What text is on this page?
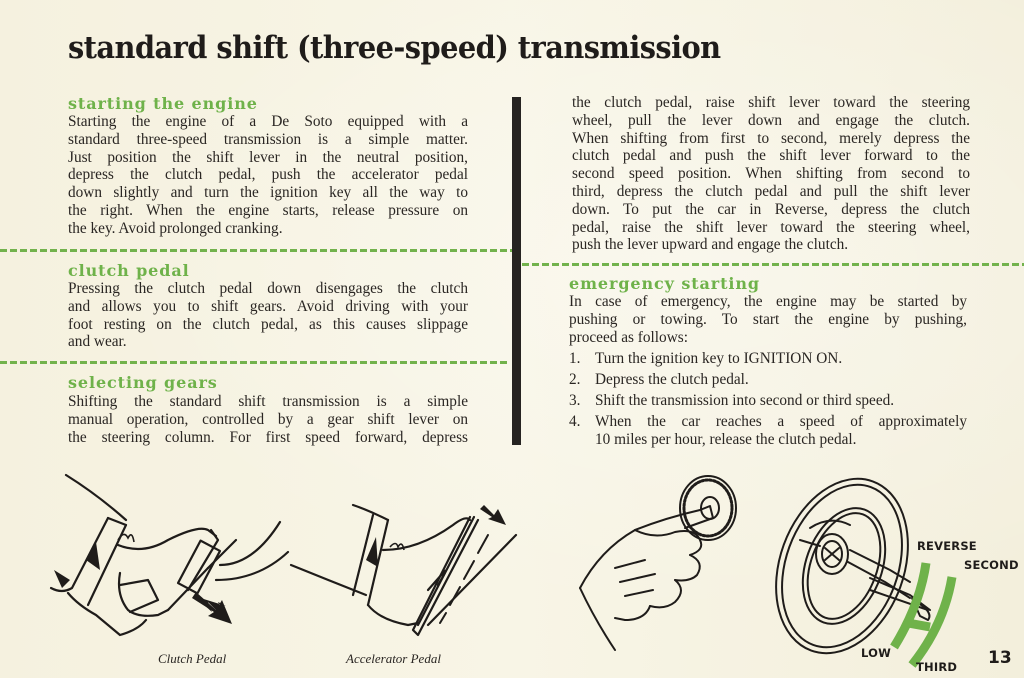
standard shift (three-speed) transmission
starting the engine
Starting the engine of a De Soto equipped with a
standard three-speed transmission is a simple matter.
Just position the shift lever in the neutral position,
depress the clutch pedal, push the accelerator pedal
down slightly and turn the ignition key all the way to
the right. When the engine starts, release pressure on
the key. Avoid prolonged cranking.
clutch pedal
Pressing the clutch pedal down disengages the clutch
and allows you to shift gears. Avoid driving with your
foot resting on the clutch pedal, as this causes slippage
and wear.
selecting gears
Shifting the standard shift transmission is a simple
manual operation, controlled by a gear shift lever on
the steering column. For first speed forward, depress
the clutch pedal, raise shift lever toward the steering
wheel, pull the lever down and engage the clutch.
When shifting from first to second, merely depress the
clutch pedal and push the shift lever forward to the
second speed position. When shifting from second to
third, depress the clutch pedal and pull the shift lever
down. To put the car in Reverse, depress the clutch
pedal, raise the shift lever toward the steering wheel,
push the lever upward and engage the clutch.
emergency starting
In case of emergency, the engine may be started by
pushing or towing. To start the engine by pushing,
proceed as follows:
1. Turn the ignition key to IGNITION ON.
2. Depress the clutch pedal.
3. Shift the transmission into second or third speed.
4. When the car reaches a speed of approximately
10 miles per hour, release the clutch pedal.
Clutch Pedal	Accelerator Pedal
REVERSE
SECOND
LOW
THIRD 13
